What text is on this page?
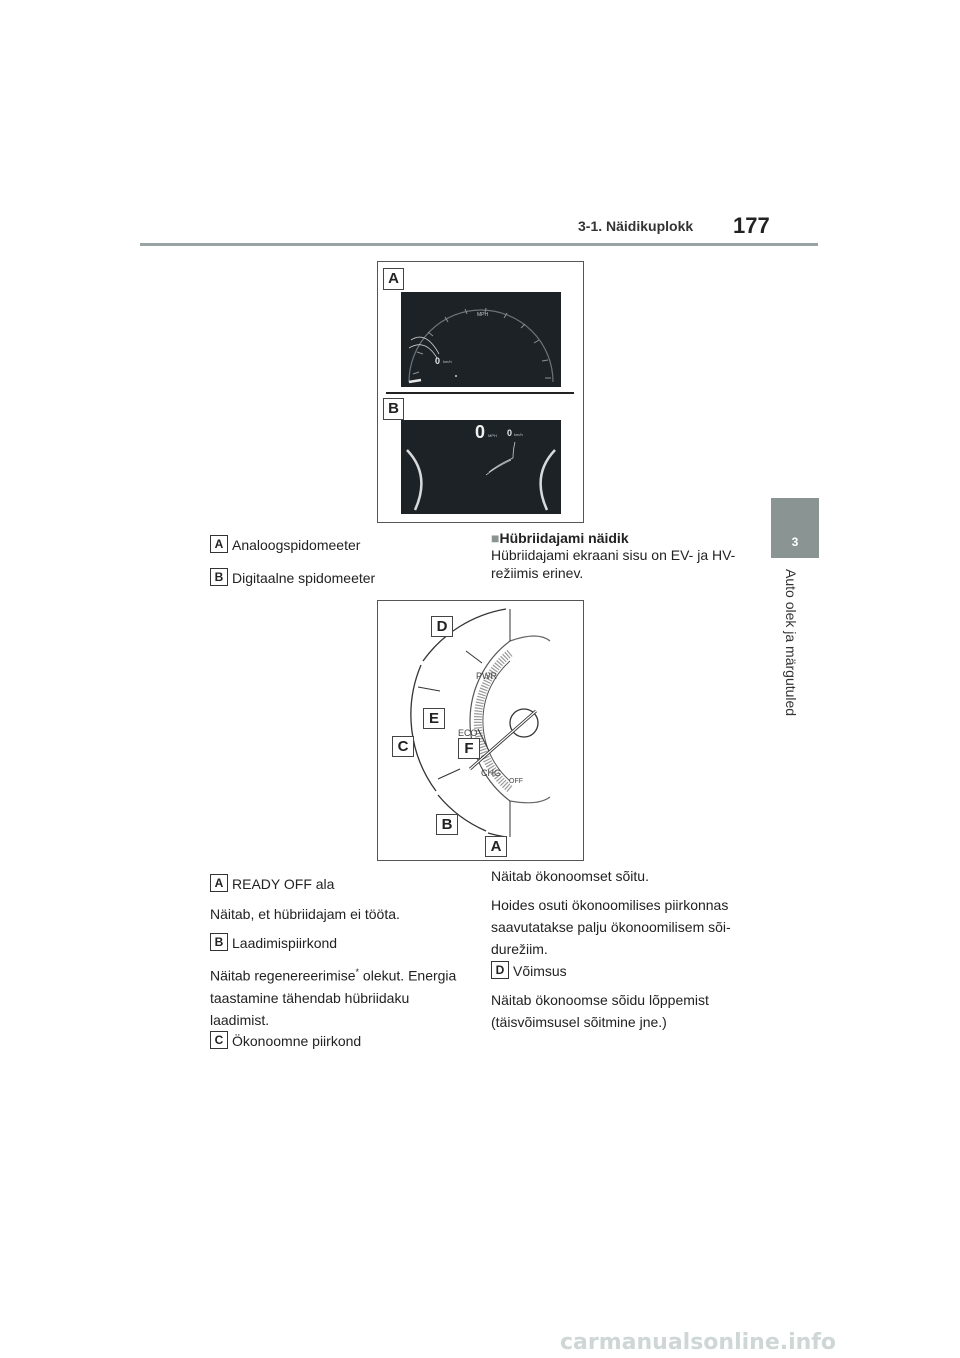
3-1. Näidikuplokk 177
3
Auto olek ja märgutuled
A
B
MPH
0 km/h
0 MPH 0 km/h
A Analoogspidomeeter
B Digitaalne spidomeeter
■Hübriidajami näidik
Hübriidajami ekraani sisu on EV- ja HV-režiimis erinev.
D
E
F
C
B
A
PWR
ECO
CHG
OFF
A READY OFF ala
Näitab, et hübriidajam ei tööta.
B Laadimispiirkond
Näitab regenereerimise* olekut. Energia taastamine tähendab hübriidaku laadimist.
C Ökonoomne piirkond
Näitab ökonoomset sõitu.
Hoides osuti ökonoomilises piirkonnas saavutatakse palju ökonoomilisem sõi-durežiim.
D Võimsus
Näitab ökonoomse sõidu lõppemist (täisvõimsusel sõitmine jne.)
carmanualsonline.info
